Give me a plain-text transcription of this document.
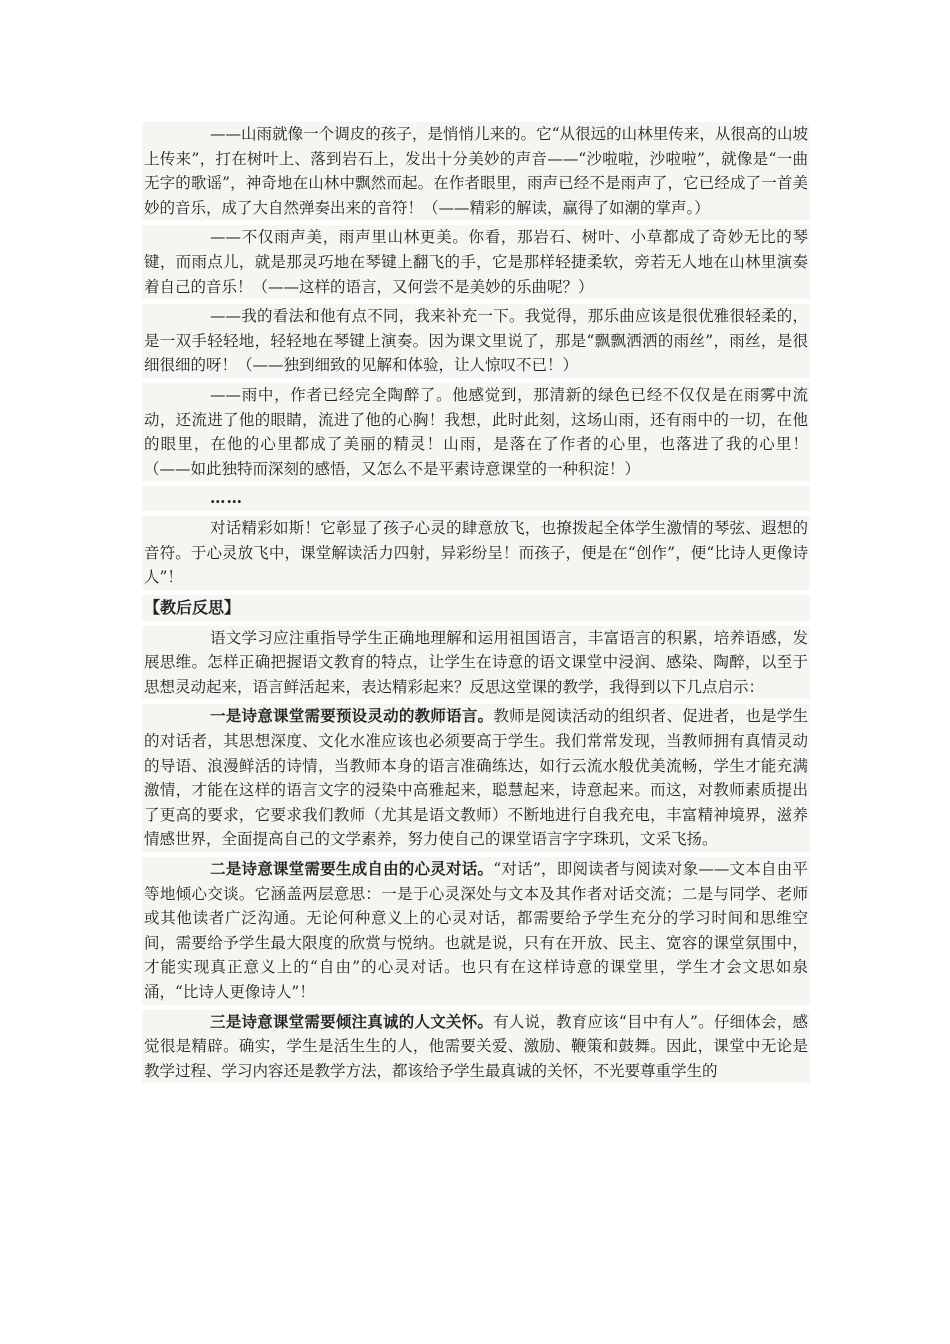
——山雨就像一个调皮的孩子，是悄悄儿来的。它“从很远的山林里传来，从很高的山坡上传来”，打在树叶上、落到岩石上，发出十分美妙的声音——“沙啦啦，沙啦啦”，就像是“一曲无字的歌谣”，神奇地在山林中飘然而起。在作者眼里，雨声已经不是雨声了，它已经成了一首美妙的音乐，成了大自然弹奏出来的音符！（——精彩的解读，赢得了如潮的掌声。）

——不仅雨声美，雨声里山林更美。你看，那岩石、树叶、小草都成了奇妙无比的琴键，而雨点儿，就是那灵巧地在琴键上翻飞的手，它是那样轻捷柔软，旁若无人地在山林里演奏着自己的音乐！（——这样的语言，又何尝不是美妙的乐曲呢？）

——我的看法和他有点不同，我来补充一下。我觉得，那乐曲应该是很优雅很轻柔的，是一双手轻轻地，轻轻地在琴键上演奏。因为课文里说了，那是“飘飘洒洒的雨丝”，雨丝，是很细很细的呀！（——独到细致的见解和体验，让人惊叹不已！）

——雨中，作者已经完全陶醉了。他感觉到，那清新的绿色已经不仅仅是在雨雾中流动，还流进了他的眼睛，流进了他的心胸！我想，此时此刻，这场山雨，还有雨中的一切，在他的眼里，在他的心里都成了美丽的精灵！山雨，是落在了作者的心里，也落进了我的心里！（——如此独特而深刻的感悟，又怎么不是平素诗意课堂的一种积淀！）

……

对话精彩如斯！它彰显了孩子心灵的肆意放飞，也撩拨起全体学生激情的琴弦、遐想的音符。于心灵放飞中，课堂解读活力四射，异彩纷呈！而孩子，便是在“创作”，便“比诗人更像诗人”！

【教后反思】

语文学习应注重指导学生正确地理解和运用祖国语言，丰富语言的积累，培养语感，发展思维。怎样正确把握语文教育的特点，让学生在诗意的语文课堂中浸润、感染、陶醉，以至于思想灵动起来，语言鲜活起来，表达精彩起来？反思这堂课的教学，我得到以下几点启示：

一是诗意课堂需要预设灵动的教师语言。教师是阅读活动的组织者、促进者，也是学生的对话者，其思想深度、文化水准应该也必须要高于学生。我们常常发现，当教师拥有真情灵动的导语、浪漫鲜活的诗情，当教师本身的语言准确练达，如行云流水般优美流畅，学生才能充满激情，才能在这样的语言文字的浸染中高雅起来，聪慧起来，诗意起来。而这，对教师素质提出了更高的要求，它要求我们教师（尤其是语文教师）不断地进行自我充电，丰富精神境界，滋养情感世界，全面提高自己的文学素养，努力使自己的课堂语言字字珠玑，文采飞扬。

二是诗意课堂需要生成自由的心灵对话。“对话”，即阅读者与阅读对象——文本自由平等地倾心交谈。它涵盖两层意思：一是于心灵深处与文本及其作者对话交流；二是与同学、老师或其他读者广泛沟通。无论何种意义上的心灵对话，都需要给予学生充分的学习时间和思维空间，需要给予学生最大限度的欣赏与悦纳。也就是说，只有在开放、民主、宽容的课堂氛围中，才能实现真正意义上的“自由”的心灵对话。也只有在这样诗意的课堂里，学生才会文思如泉涌，“比诗人更像诗人”！

三是诗意课堂需要倾注真诚的人文关怀。有人说，教育应该“目中有人”。仔细体会，感觉很是精辟。确实，学生是活生生的人，他需要关爱、激励、鞭策和鼓舞。因此，课堂中无论是教学过程、学习内容还是教学方法，都该给予学生最真诚的关怀，不光要尊重学生的
